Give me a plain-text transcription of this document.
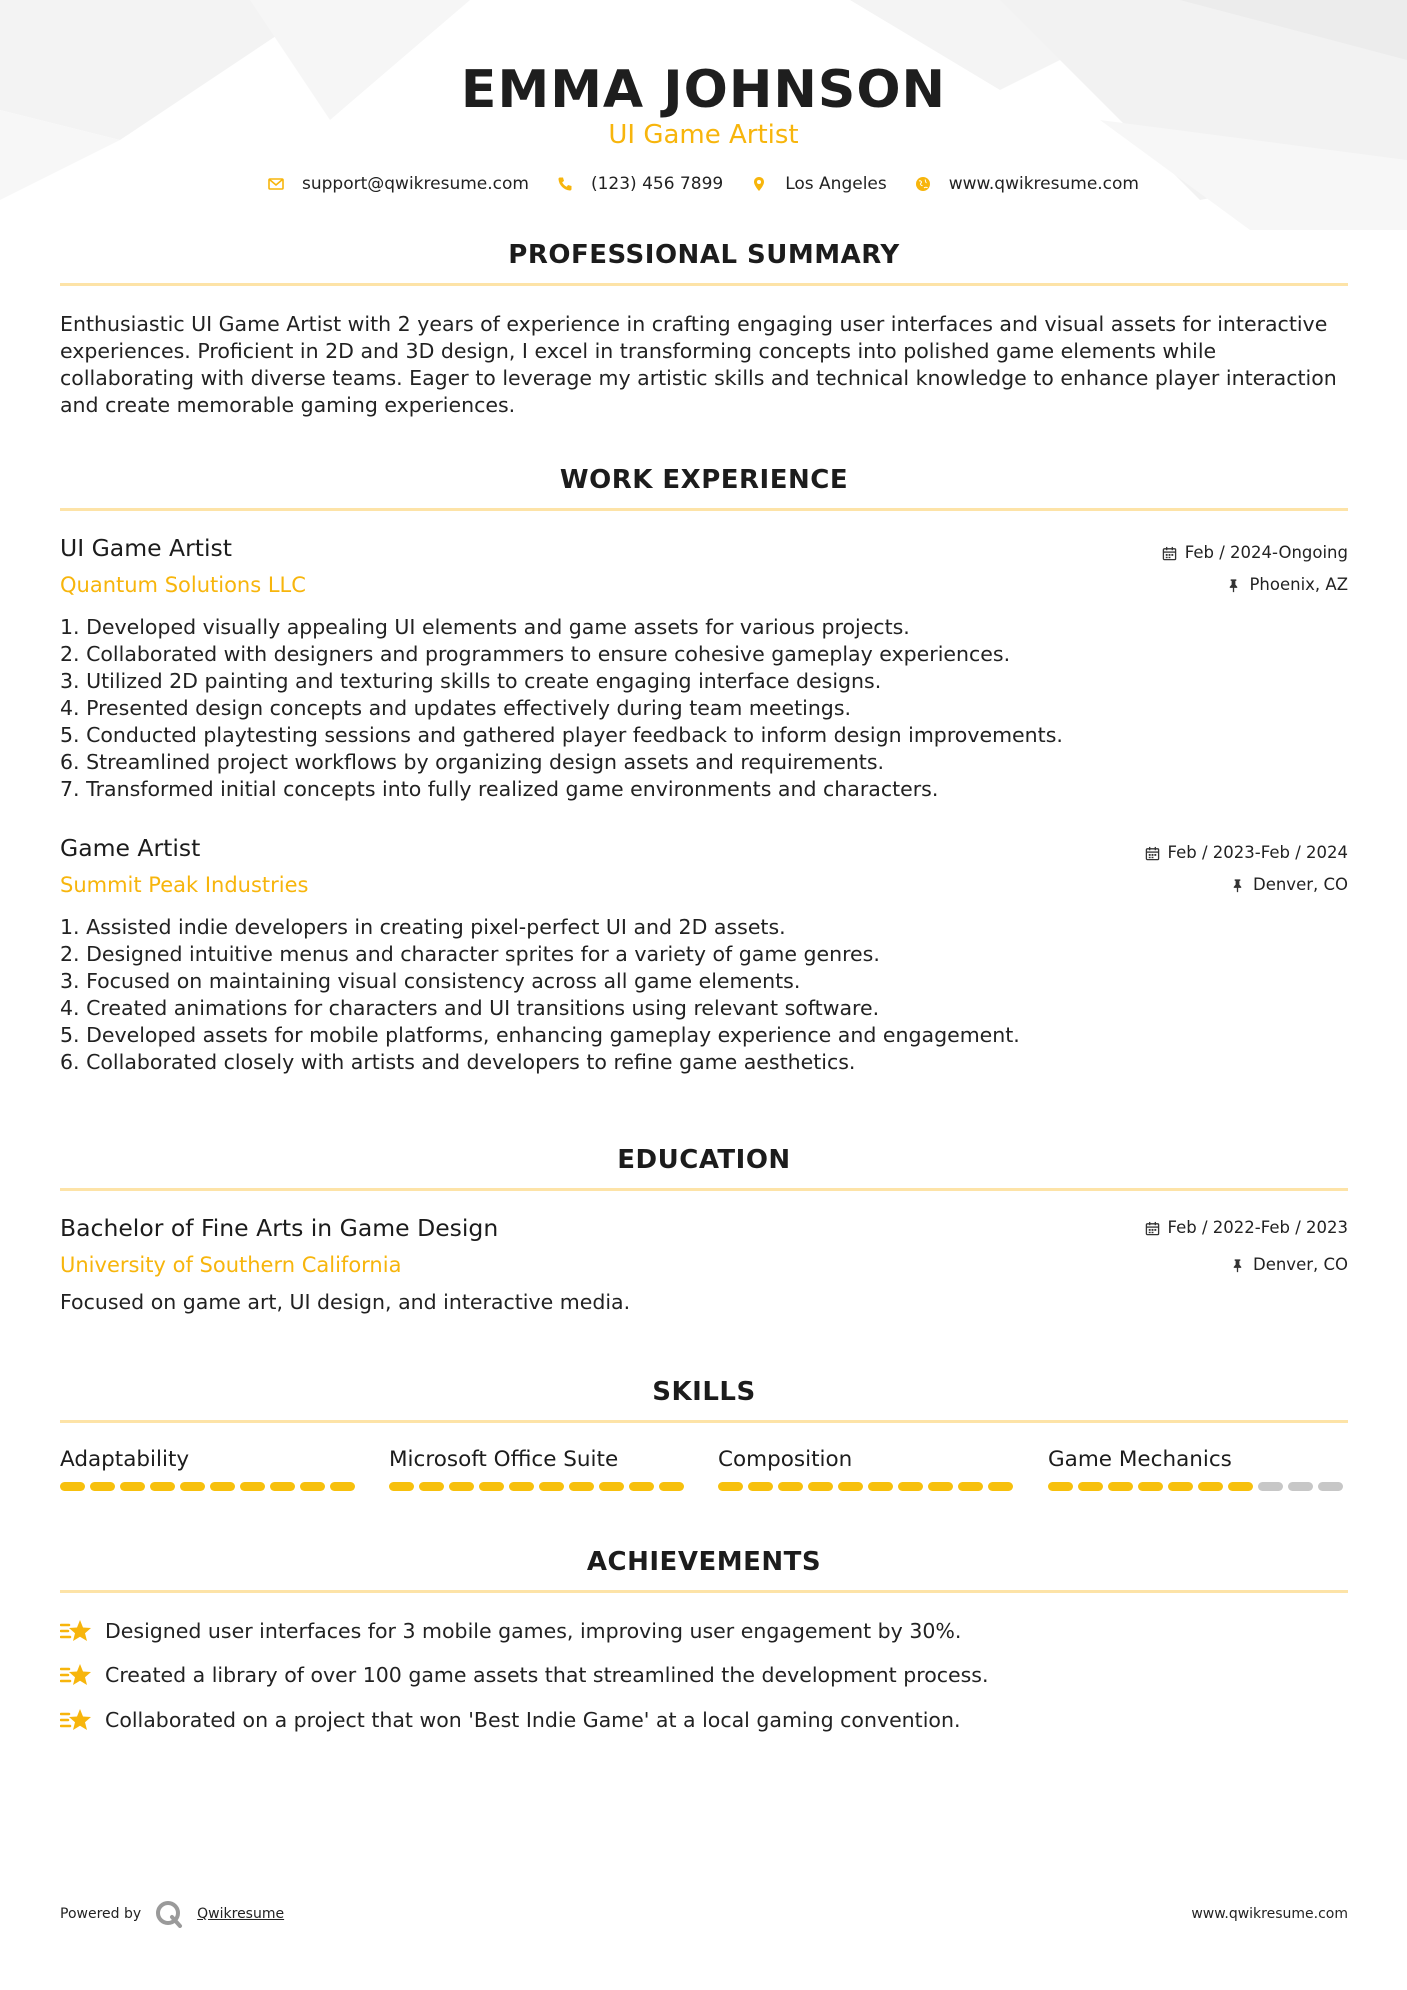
EMMA JOHNSON
UI Game Artist
support@qwikresume.com	(123) 456 7899	Los Angeles	www.qwikresume.com
PROFESSIONAL SUMMARY

Enthusiastic UI Game Artist with 2 years of experience in crafting engaging user interfaces and visual assets for interactive experiences. Proficient in 2D and 3D design, I excel in transforming concepts into polished game elements while collaborating with diverse teams. Eager to leverage my artistic skills and technical knowledge to enhance player interaction and create memorable gaming experiences.

WORK EXPERIENCE
UI Game Artist
Quantum Solutions LLC
Feb / 2024-Ongoing
Phoenix, AZ
1. Developed visually appealing UI elements and game assets for various projects.
2. Collaborated with designers and programmers to ensure cohesive gameplay experiences.
3. Utilized 2D painting and texturing skills to create engaging interface designs.
4. Presented design concepts and updates effectively during team meetings.
5. Conducted playtesting sessions and gathered player feedback to inform design improvements.
6. Streamlined project workflows by organizing design assets and requirements.
7. Transformed initial concepts into fully realized game environments and characters.
Game Artist
Summit Peak Industries
Feb / 2023-Feb / 2024
Denver, CO
1. Assisted indie developers in creating pixel-perfect UI and 2D assets.
2. Designed intuitive menus and character sprites for a variety of game genres.
3. Focused on maintaining visual consistency across all game elements.
4. Created animations for characters and UI transitions using relevant software.
5. Developed assets for mobile platforms, enhancing gameplay experience and engagement.
6. Collaborated closely with artists and developers to refine game aesthetics.
EDUCATION
Bachelor of Fine Arts in Game Design
University of Southern California
Feb / 2022-Feb / 2023
Denver, CO

Focused on game art, UI design, and interactive media.

SKILLS
Adaptability	Microsoft Office Suite	Composition	Game Mechanics
ACHIEVEMENTS
Designed user interfaces for 3 mobile games, improving user engagement by 30%.
Created a library of over 100 game assets that streamlined the development process.
Collaborated on a project that won 'Best Indie Game' at a local gaming convention.
Powered by	Qwikresume	www.qwikresume.com
